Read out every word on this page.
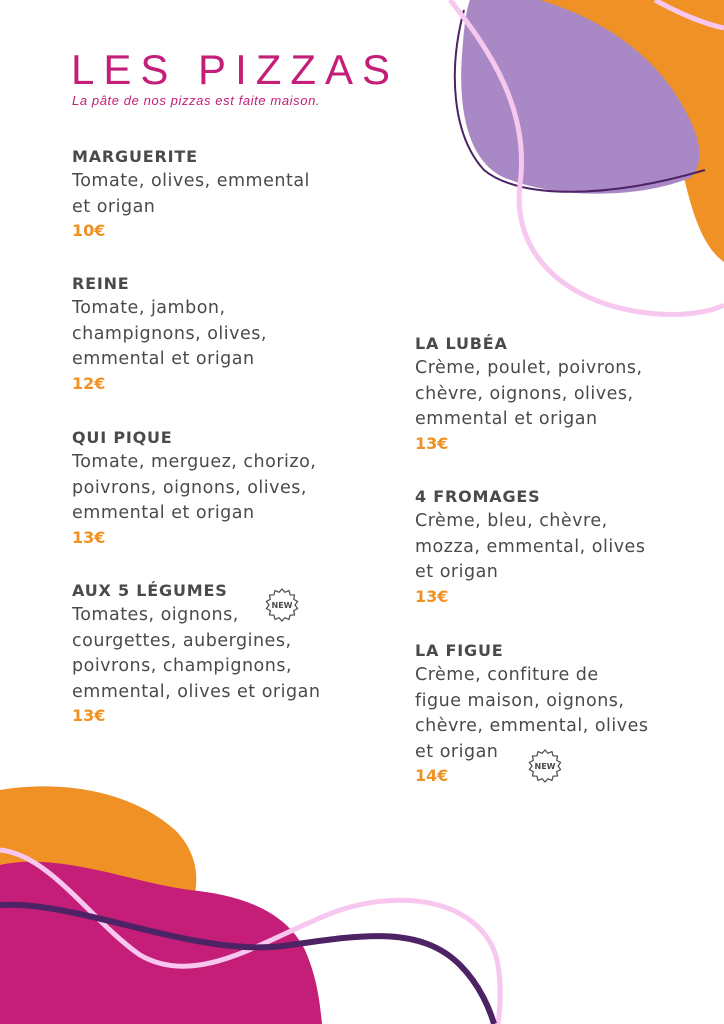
LES PIZZAS
La pâte de nos pizzas est faite maison.
MARGUERITE
Tomate, olives, emmental
et origan
10€
REINE
Tomate, jambon,
champignons, olives,
emmental et origan
12€
QUI PIQUE
Tomate, merguez, chorizo,
poivrons, oignons, olives,
emmental et origan
13€
AUX 5 LÉGUMES
Tomates, oignons,
courgettes, aubergines,
poivrons, champignons,
emmental, olives et origan
13€
LA LUBÉA
Crème, poulet, poivrons,
chèvre, oignons, olives,
emmental et origan
13€
4 FROMAGES
Crème, bleu, chèvre,
mozza, emmental, olives
et origan
13€
LA FIGUE
Crème, confiture de
figue maison, oignons,
chèvre, emmental, olives
et origan
14€
NEW
NEW
